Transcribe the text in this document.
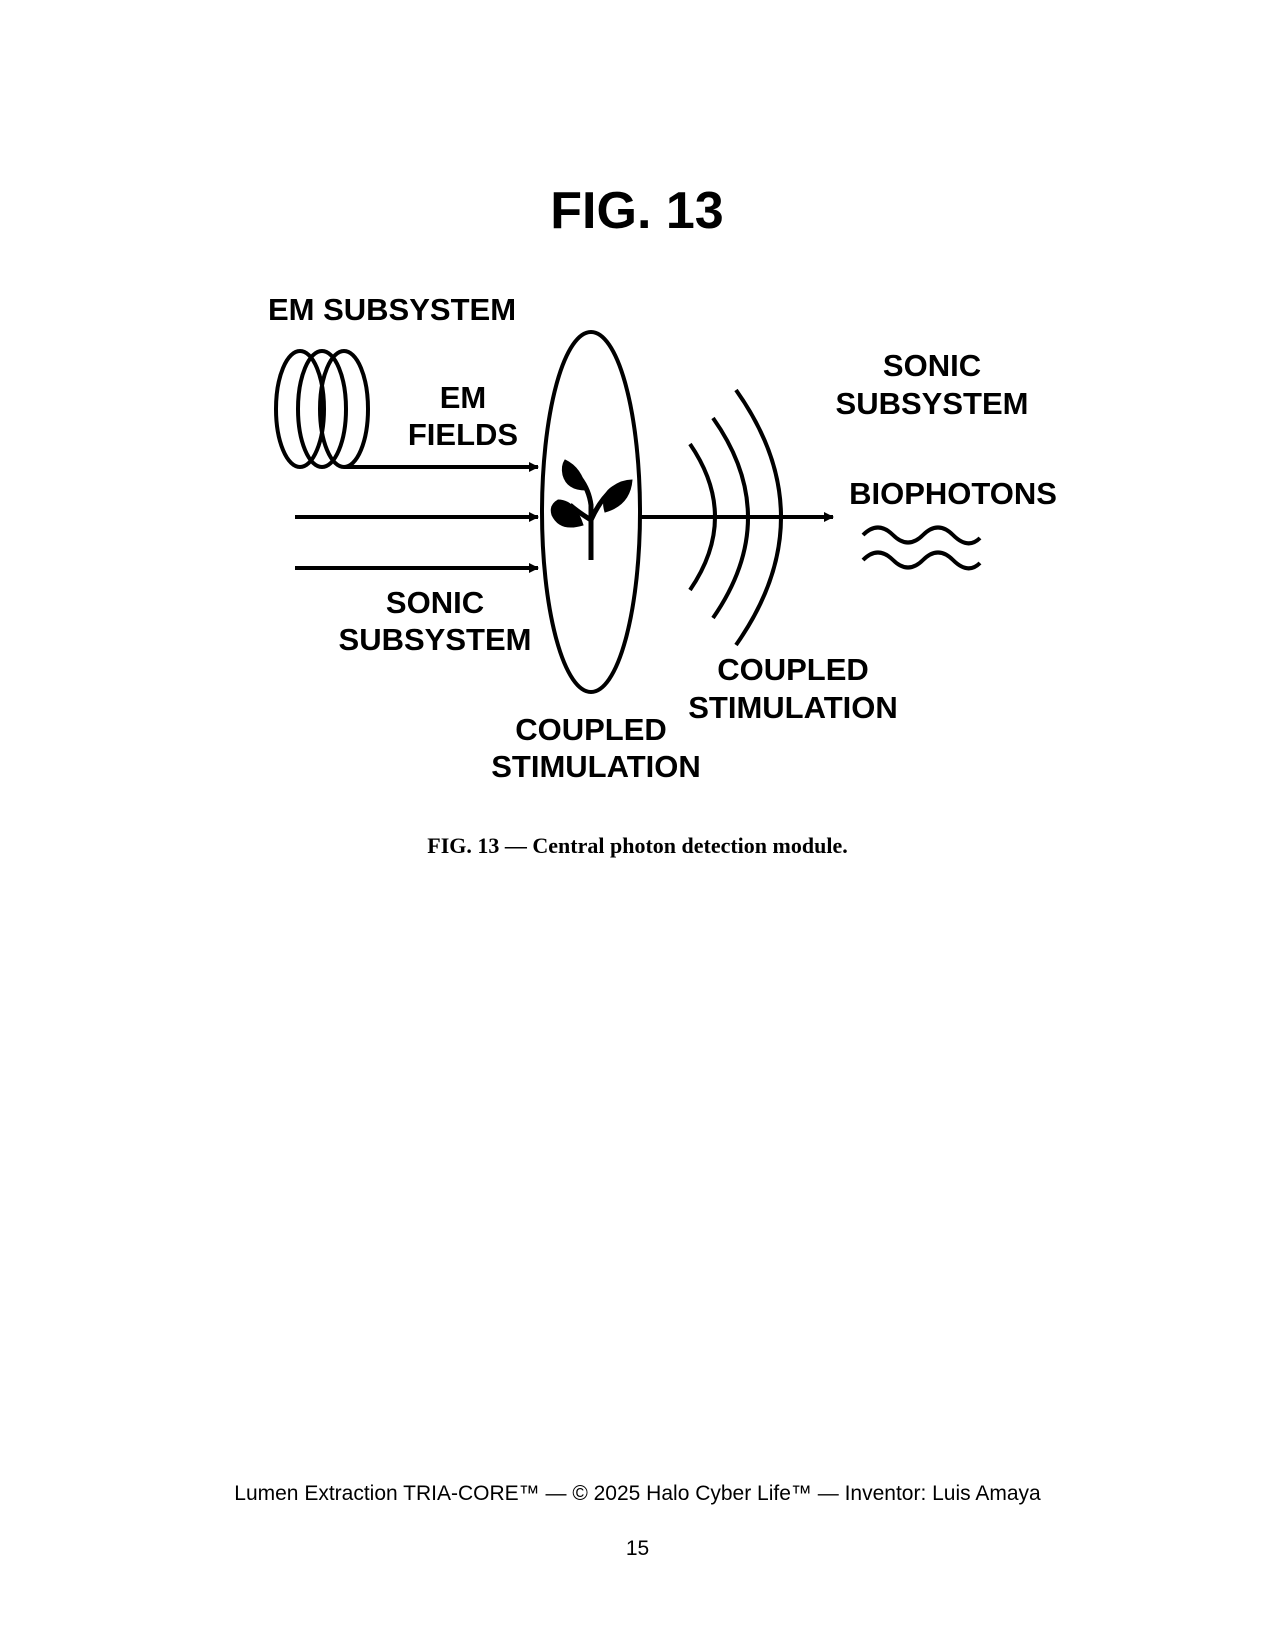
FIG. 13
EM SUBSYSTEM
EM
FIELDS
SONIC
SUBSYSTEM
SONIC
SUBSYSTEM
BIOPHOTONS
COUPLED
STIMULATION
COUPLED
STIMULATION
FIG. 13 — Central photon detection module.
Lumen Extraction TRIA-CORE™ — © 2025 Halo Cyber Life™ — Inventor: Luis Amaya
15
